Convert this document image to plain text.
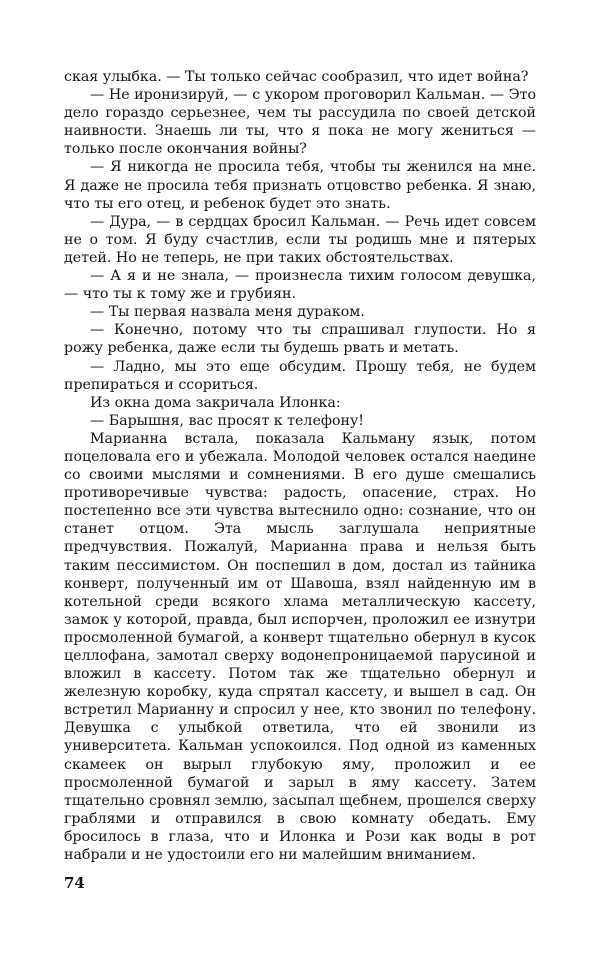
ская улыбка. — Ты только сейчас сообразил, что идет война?

— Не иронизируй, — с укором проговорил Кальман. — Это дело гораздо серьезнее, чем ты рассудила по своей детской наивности. Знаешь ли ты, что я пока не могу жениться — только после окончания войны?

— Я никогда не просила тебя, чтобы ты женился на мне. Я даже не просила тебя признать отцовство ребенка. Я знаю, что ты его отец, и ребенок будет это знать.

— Дура, — в сердцах бросил Кальман. — Речь идет совсем не о том. Я буду счастлив, если ты родишь мне и пятерых детей. Но не теперь, не при таких обстоятельствах.

— А я и не знала, — произнесла тихим голосом девушка, — что ты к тому же и грубиян.

— Ты первая назвала меня дураком.

— Конечно, потому что ты спрашивал глупости. Но я рожу ребенка, даже если ты будешь рвать и метать.

— Ладно, мы это еще обсудим. Прошу тебя, не будем препираться и ссориться.

Из окна дома закричала Илонка:

— Барышня, вас просят к телефону!

Марианна встала, показала Кальману язык, потом поцеловала его и убежала. Молодой человек остался наедине со своими мыслями и сомнениями. В его душе смешались противоречивые чувства: радость, опасение, страх. Но постепенно все эти чувства вытеснило одно: сознание, что он станет отцом. Эта мысль заглушала неприятные предчувствия. Пожалуй, Марианна права и нельзя быть таким пессимистом. Он поспешил в дом, достал из тайника конверт, полученный им от Шавоша, взял найденную им в котельной среди всякого хлама металлическую кассету, замок у которой, правда, был испорчен, проложил ее изнутри просмоленной бумагой, а конверт тщательно обернул в кусок целлофана, замотал сверху водонепроницаемой парусиной и вложил в кассету. Потом так же тщательно обернул и железную коробку, куда спрятал кассету, и вышел в сад. Он встретил Марианну и спросил у нее, кто звонил по телефону. Девушка с улыбкой ответила, что ей звонили из университета. Кальман успокоился. Под одной из каменных скамеек он вырыл глубокую яму, проложил и ее просмоленной бумагой и зарыл в яму кассету. Затем тщательно сровнял землю, засыпал щебнем, прошелся сверху граблями и отправился в свою комнату обедать. Ему бросилось в глаза, что и Илонка и Рози как воды в рот набрали и не удостоили его ни малейшим вниманием.

74
